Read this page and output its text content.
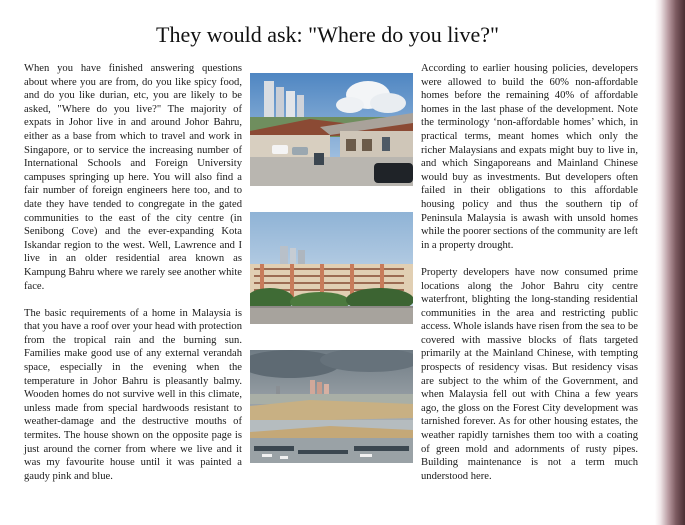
They would ask: "Where do you live?"

When you have finished answering questions about where you are from, do you like spicy food, and do you like durian, etc, you are likely to be asked, "Where do you live?" The majority of expats in Johor live in and around Johor Bahru, either as a base from which to travel and work in Singapore, or to service the increasing number of International Schools and Foreign University campuses springing up here. You will also find a fair number of foreign engineers here too, and to date they have tended to congregate in the gated communities to the east of the city centre (in Senibong Cove) and the ever-expanding Kota Iskandar region to the west. Well, Lawrence and I live in an older residential area known as Kampung Bahru where we rarely see another white face.

The basic requirements of a home in Malaysia is that you have a roof over your head with protection from the tropical rain and the burning sun. Families make good use of any external verandah space, especially in the evening when the temperature in Johor Bahru is pleasantly balmy. Wooden homes do not survive well in this climate, unless made from special hardwoods resistant to weather-damage and the destructive mouths of termites. The house shown on the opposite page is just around the corner from where we live and it was my favourite house until it was painted a gaudy pink and blue.

According to earlier housing policies, developers were allowed to build the 60% non-affordable homes before the remaining 40% of affordable homes in the last phase of the development. Note the terminology ‘non-affordable homes’ which, in practical terms, meant homes which only the richer Malaysians and expats might buy to live in, and which Singaporeans and Mainland Chinese would buy as investments. But developers often failed in their obligations to this affordable housing policy and thus the southern tip of Peninsula Malaysia is awash with unsold homes while the poorer sections of the community are left in a property drought.

Property developers have now consumed prime locations along the Johor Bahru city centre waterfront, blighting the long-standing residential communities in the area and restricting public access. Whole islands have risen from the sea to be covered with massive blocks of flats targeted primarily at the Mainland Chinese, with tempting prospects of residency visas. But residency visas are subject to the whim of the Government, and when Malaysia fell out with China a few years ago, the gloss on the Forest City development was tarnished forever. As for other housing estates, the weather rapidly tarnishes them too with a coating of green mold and adornments of rusty pipes. Building maintenance is not a term much understood here.
